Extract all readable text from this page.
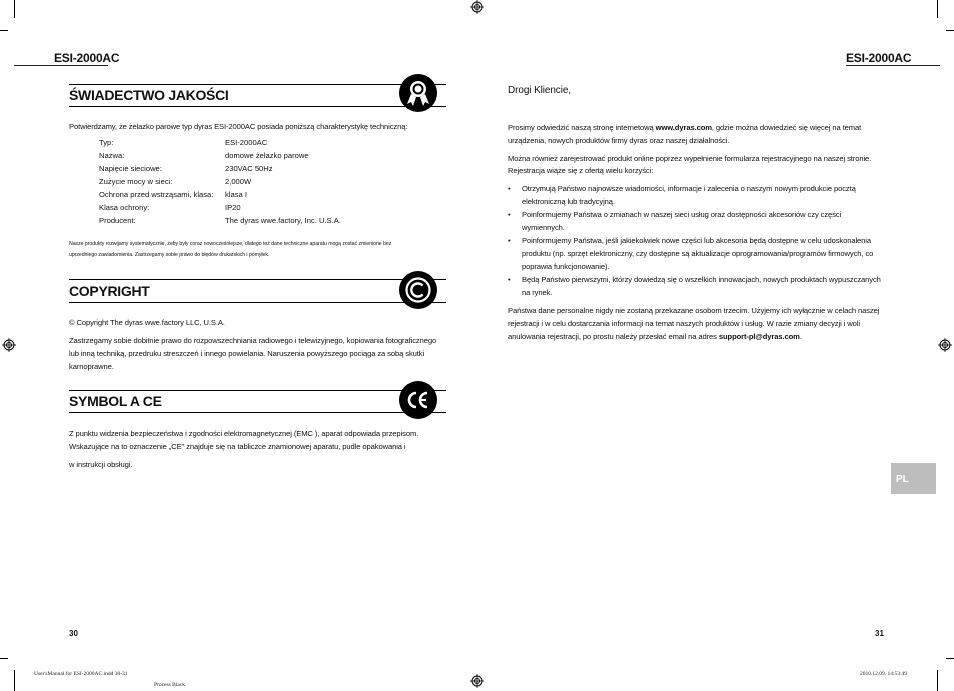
ESI-2000AC	ESI-2000AC
ŚWIADECTWO JAKOŚCI
Potwierdzamy, że żelazko parowe typ dyras ESI-2000AC posiada poniższą charakterystykę techniczną:
Typ:	ESI-2000AC
Nazwa:	domowe żelazko parowe
Napięcie sieciowe:	230VAC 50Hz
Zużycie mocy w sieci:	2,000W
Ochrona przed wstrząsami, klasa:	klasa I
Klasa ochrony:	IP20
Producent:	The dyras wwe.factory, Inc. U.S.A.
Nasze produkty rozwijamy systematycznie, żeby były coraz nowocześniejsze, dlatego też dane techniczne aparatu mogą zostać zmienione bez
uprzedniego zawiadomienia. Zastrzegamy sobie prawo do błędów drukarskich i pomyłek.
COPYRIGHT
© Copyright The dyras wwe.factory LLC, U.S.A.
Zastrzegamy sobie dobitnie prawo do rozpowszechniania radiowego i telewizyjnego, kopiowania fotograficznego
lub inną techniką, przedruku streszczeń i innego powielania. Naruszenia powyższego pociąga za sobą skutki
karnoprawne.
SYMBOL A CE
Z punktu widzenia bezpieczeństwa i zgodności elektromagnetycznej (EMC ), aparat odpowiada przepisom.
Wskazujące na to oznaczenie „CE" znajduje się na tabliczce znamionowej aparatu, pudle opakowania i
w instrukcji obsługi.
30
Drogi Kliencie,
Prosimy odwiedzić naszą stronę internetową www.dyras.com, gdzie można dowiedzieć się więcej na temat
urządzenia, nowych produktów firmy dyras oraz naszej działalności.
Można również zarejestrować produkt online poprzez wypełnienie formularza rejestracyjnego na naszej stronie.
Rejestracja wiąże się z ofertą wielu korzyści:
• Otrzymują Państwo najnowsze wiadomości, informacje i zalecenia o naszym nowym produkcie pocztą
elektroniczną lub tradycyjną.
• Poinformujemy Państwa o zmianach w naszej sieci usług oraz dostępności akcesoriów czy części
wymiennych.
• Poinformujemy Państwa, jeśli jakiekolwiek nowe części lub akcesoria będą dostępne w celu udoskonalenia
produktu (np. sprzęt elektroniczny, czy dostępne są aktualizacje oprogramowania/programów firmowych, co
poprawia funkcjonowanie).
• Będą Państwo pierwszymi, którzy dowiedzą się o wszelkich innowacjach, nowych produktach wypuszczanych
na rynek.
Państwa dane personalne nigdy nie zostaną przekazane osobom trzecim. Użyjemy ich wyłącznie w celach naszej
rejestracji i w celu dostarczania informacji na temat naszych produktów i usług. W razie zmiany decyzji i woli
anulowania rejestracji, po prostu należy przesłać email na adres support-pl@dyras.com.
PL
31
User'sManual for ESI-2000AC.indd 30-31	2010.12.09. 14:53:49
Process Black
